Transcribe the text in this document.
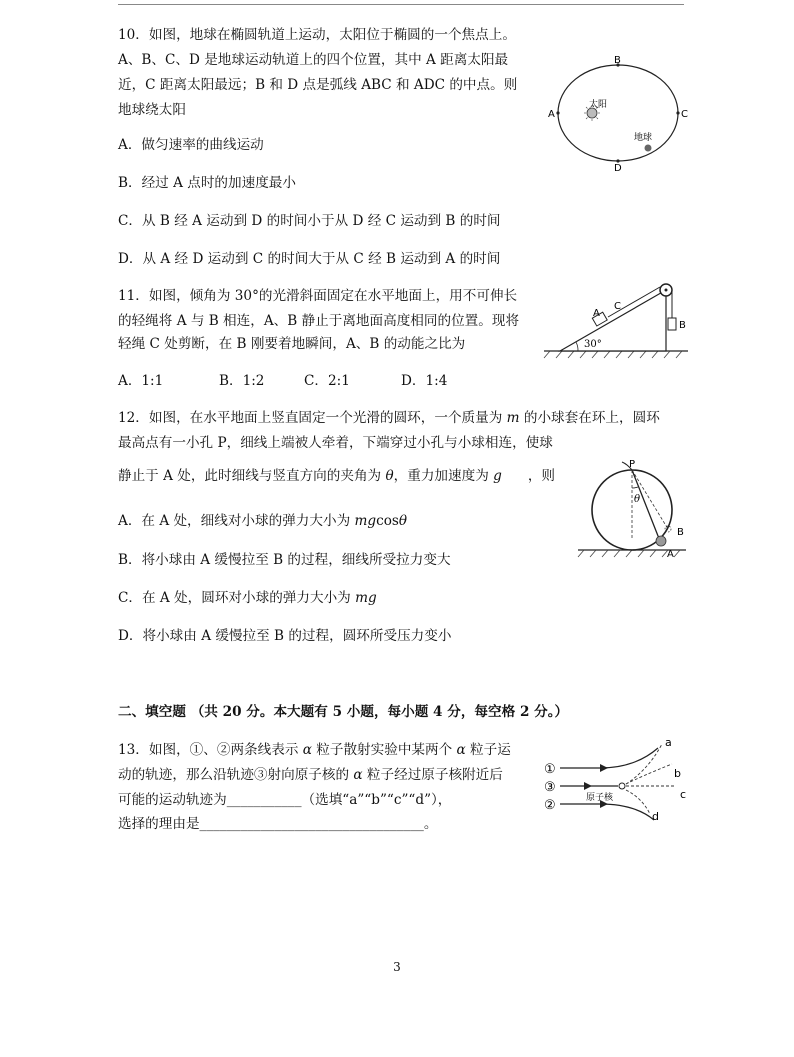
10．如图，地球在椭圆轨道上运动，太阳位于椭圆的一个焦点上。
A、B、C、D 是地球运动轨道上的四个位置，其中 A 距离太阳最
近，C 距离太阳最远；B 和 D 点是弧线 ABC 和 ADC 的中点。则
地球绕太阳
A．做匀速率的曲线运动
B．经过 A 点时的加速度最小
C．从 B 经 A 运动到 D 的时间小于从 D 经 C 运动到 B 的时间
D．从 A 经 D 运动到 C 的时间大于从 C 经 B 运动到 A 的时间
A
B
C
D
太阳
地球
11．如图，倾角为 30°的光滑斜面固定在水平地面上，用不可伸长
的轻绳将 A 与 B 相连，A、B 静止于离地面高度相同的位置。现将
轻绳 C 处剪断，在 B 刚要着地瞬间，A、B 的动能之比为
A．1:1	B．1:2	C．2:1	D．1:4
30°
A
C
B
12．如图，在水平地面上竖直固定一个光滑的圆环，一个质量为 m 的小球套在环上，圆环
最高点有一小孔 P，细线上端被人牵着，下端穿过小孔与小球相连，使球
静止于 A 处，此时细线与竖直方向的夹角为 θ，重力加速度为 g ，则
A．在 A 处，细线对小球的弹力大小为 mgcosθ
B．将小球由 A 缓慢拉至 B 的过程，细线所受拉力变大
C．在 A 处，圆环对小球的弹力大小为 mg
D．将小球由 A 缓慢拉至 B 的过程，圆环所受压力变小
P
θ
A
B
二、填空题 （共 20 分。本大题有 5 小题，每小题 4 分，每空格 2 分。）
13．如图，①、②两条线表示 α 粒子散射实验中某两个 α 粒子运
动的轨迹，那么沿轨迹③射向原子核的 α 粒子经过原子核附近后
可能的运动轨迹为___________（选填“a”“b”“c”“d”），
选择的理由是_________________________________。
①
③
②	原子核
a
b
c
d
3
